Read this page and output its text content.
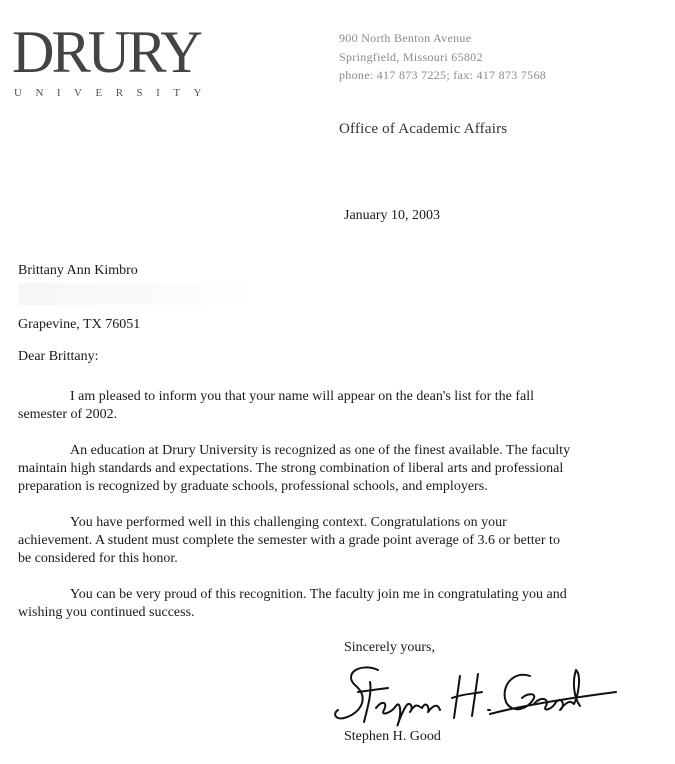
DRURY
UNIVERSITY
900 North Benton Avenue
Springfield, Missouri 65802
phone: 417 873 7225; fax: 417 873 7568
Office of Academic Affairs
January 10, 2003
Brittany Ann Kimbro
Grapevine, TX 76051
Dear Brittany:
I am pleased to inform you that your name will appear on the dean's list for the fall
semester of 2002.
An education at Drury University is recognized as one of the finest available. The faculty
maintain high standards and expectations. The strong combination of liberal arts and professional
preparation is recognized by graduate schools, professional schools, and employers.
You have performed well in this challenging context. Congratulations on your
achievement. A student must complete the semester with a grade point average of 3.6 or better to
be considered for this honor.
You can be very proud of this recognition. The faculty join me in congratulating you and
wishing you continued success.
Sincerely yours,
Stephen H. Good
